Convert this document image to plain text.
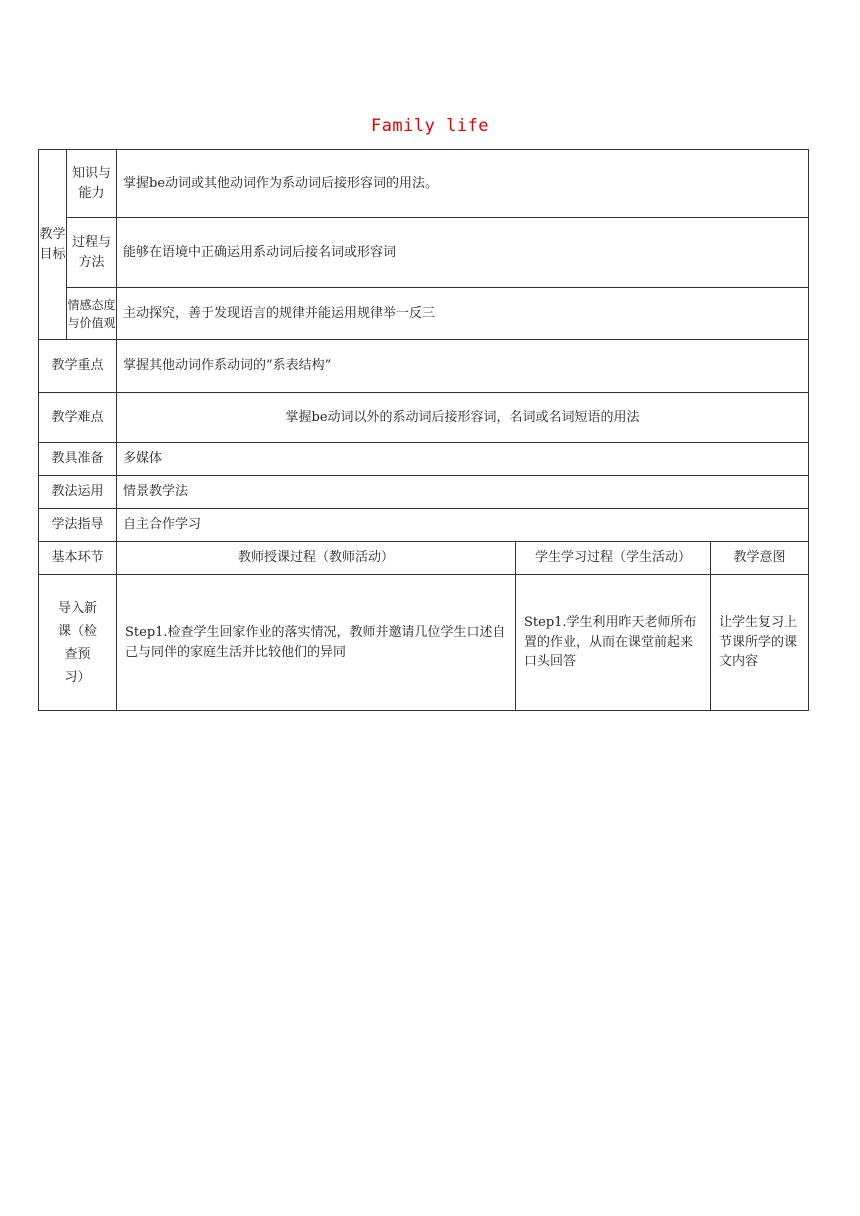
Family life
教学目标	知识与能力	掌握be动词或其他动词作为系动词后接形容词的用法。		
	过程与方法	能够在语境中正确运用系动词后接名词或形容词		
	情感态度与价值观	主动探究，善于发现语言的规律并能运用规律举一反三		
教学重点		掌握其他动词作系动词的“系表结构”		
教学难点		掌握be动词以外的系动词后接形容词，名词或名词短语的用法		
教具准备		多媒体		
教法运用		情景教学法		
学法指导		自主合作学习		
基本环节		教师授课过程（教师活动）	学生学习过程（学生活动）	教学意图
导入新课（检查预习）		Step1.检查学生回家作业的落实情况，教师并邀请几位学生口述自己与同伴的家庭生活并比较他们的异同	Step1.学生利用昨天老师所布置的作业，从而在课堂前起来口头回答	让学生复习上节课所学的课文内容
